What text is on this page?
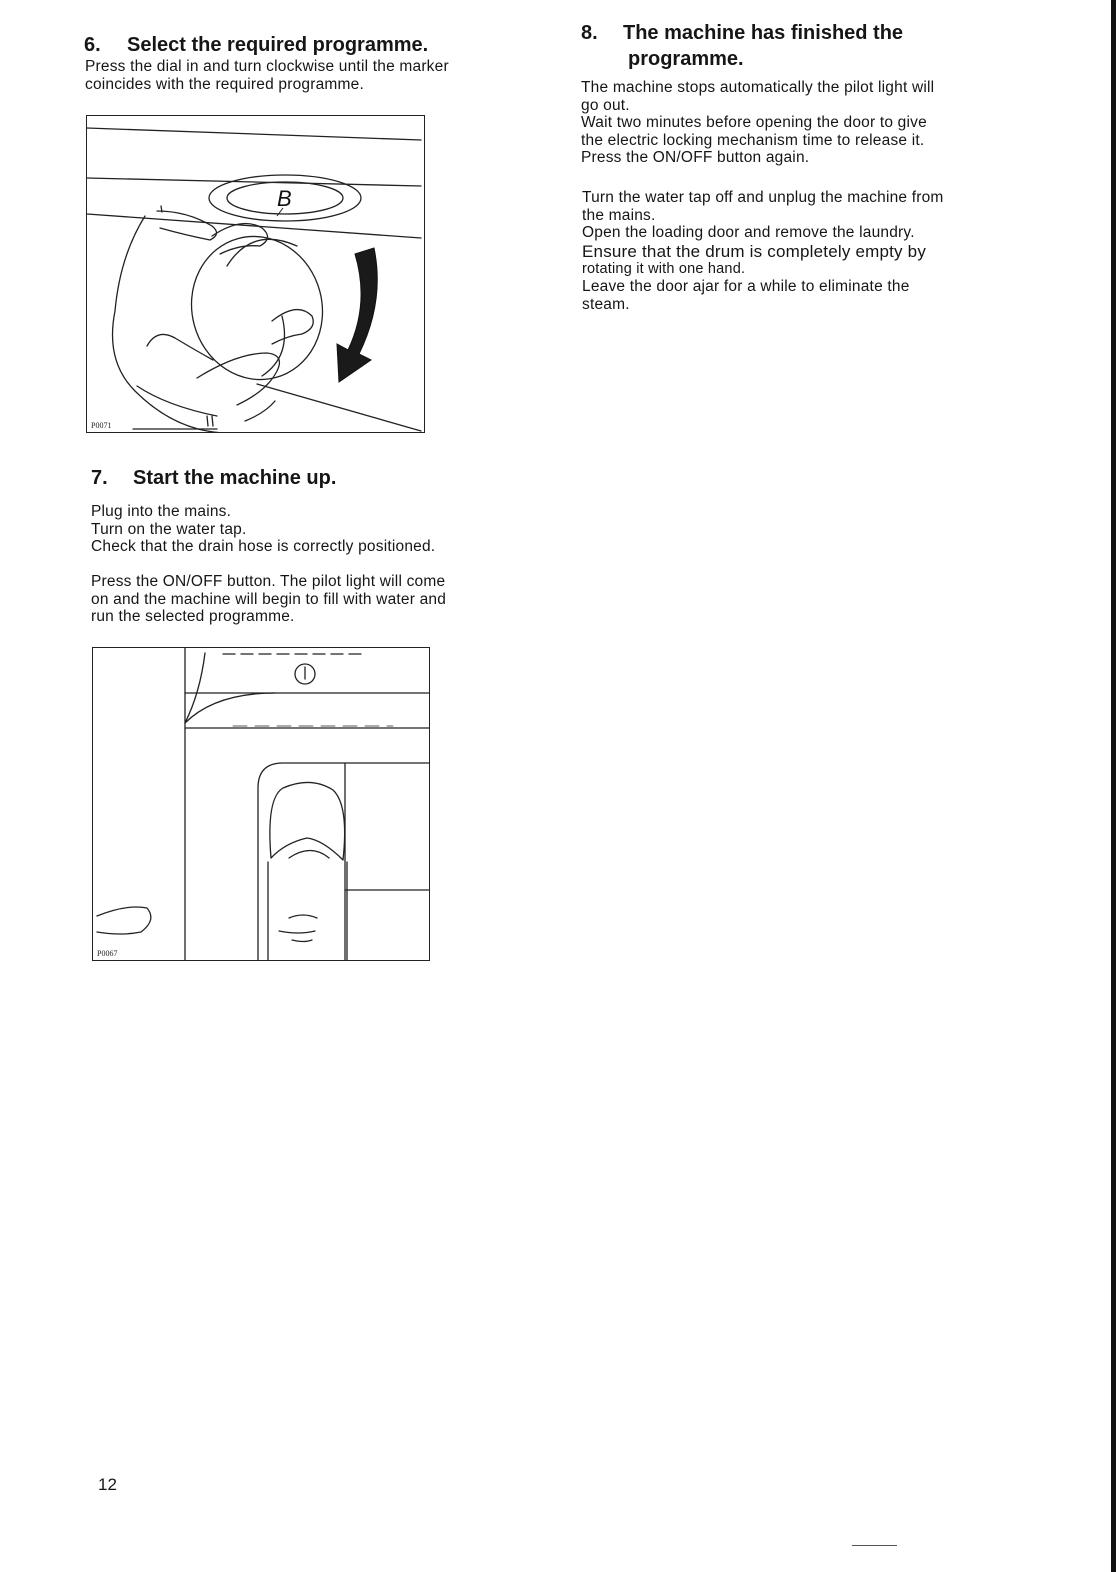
6. Select the required programme.

Press the dial in and turn clockwise until the marker
coincides with the required programme.

B
P0071
7. Start the machine up.

Plug into the mains.
Turn on the water tap.
Check that the drain hose is correctly positioned.

Press the ON/OFF button. The pilot light will come
on and the machine will begin to fill with water and
run the selected programme.

P0067
8. The machine has finished the
programme.

The machine stops automatically the pilot light will
go out.
Wait two minutes before opening the door to give
the electric locking mechanism time to release it.
Press the ON/OFF button again.

Turn the water tap off and unplug the machine from
the mains.
Open the loading door and remove the laundry.
Ensure that the drum is completely empty by
rotating it with one hand.
Leave the door ajar for a while to eliminate the
steam.

12
